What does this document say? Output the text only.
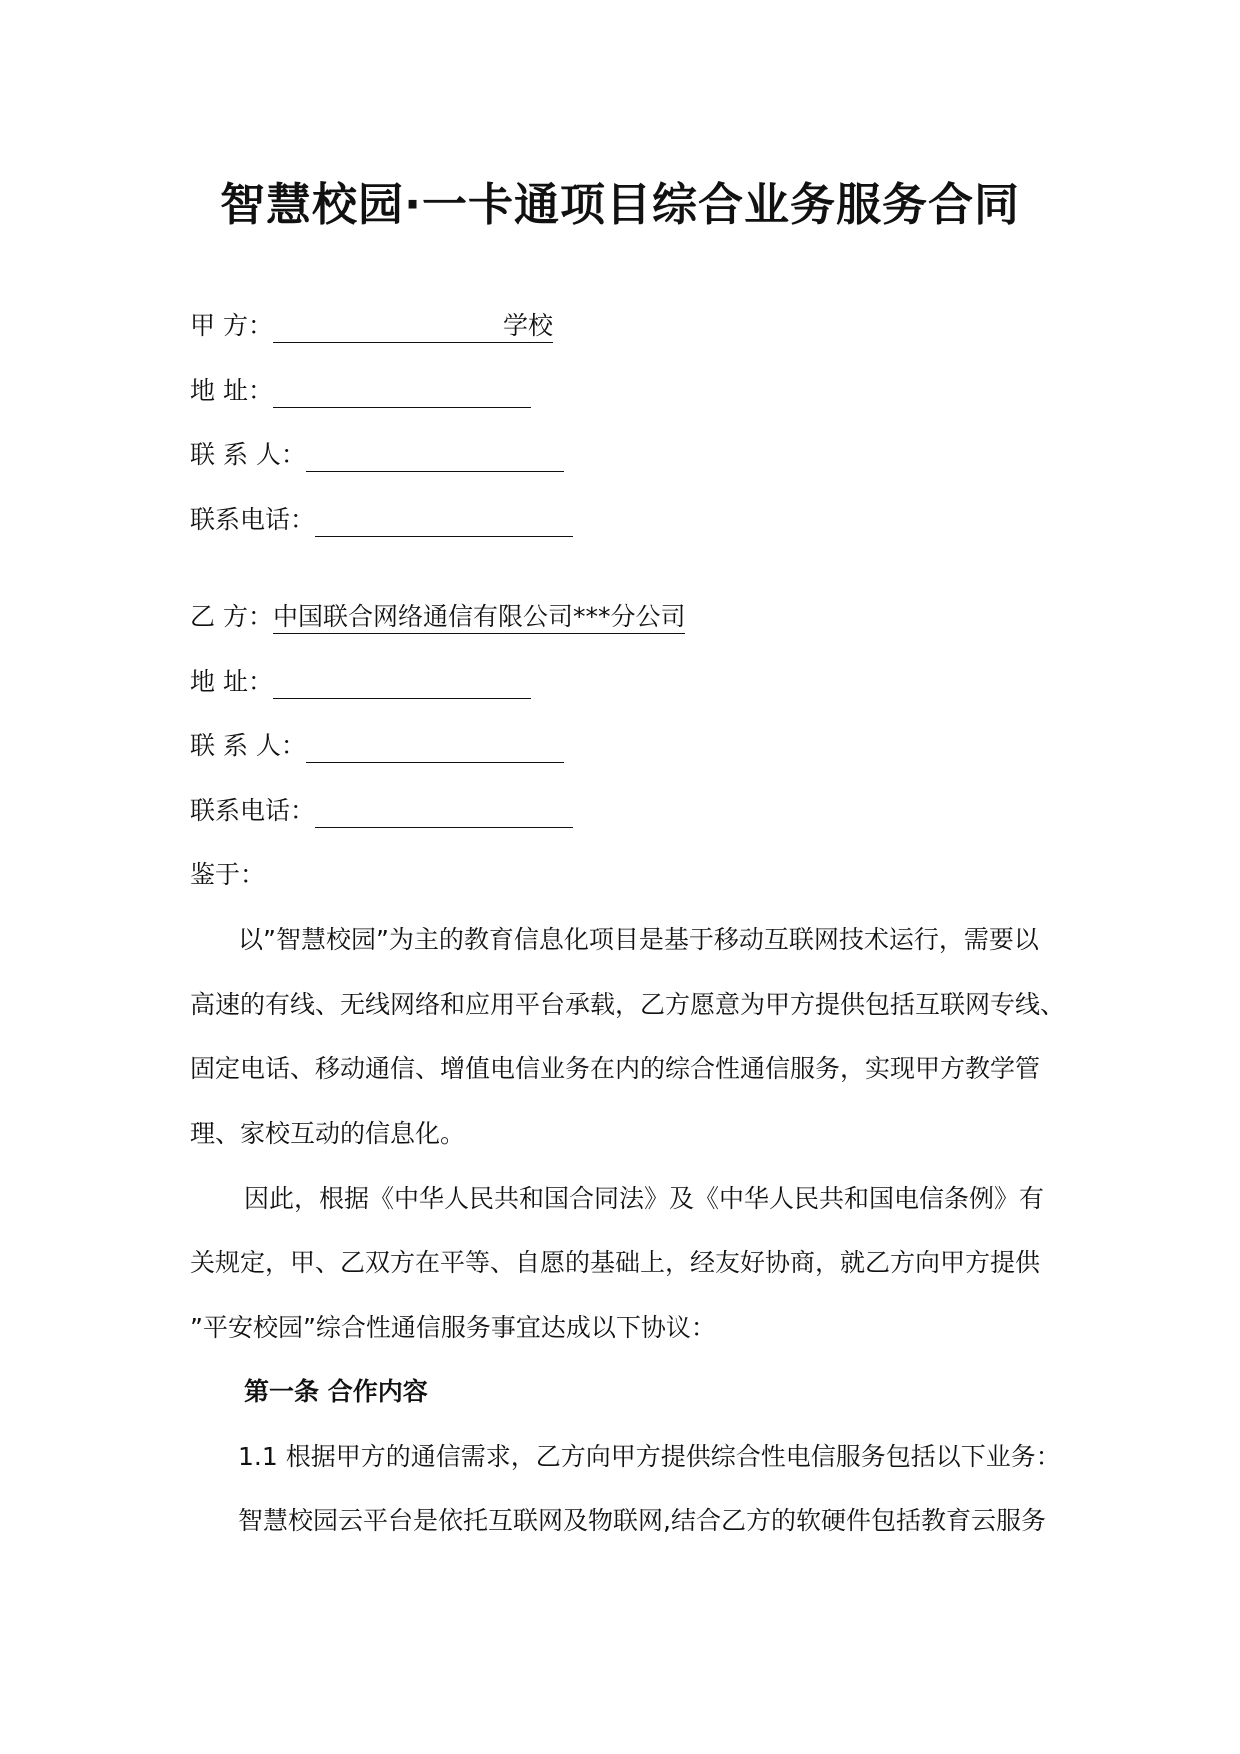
智慧校园·一卡通项目综合业务服务合同
甲 方：	学校
地 址：
联 系 人：
联系电话：
乙 方：中国联合网络通信有限公司***分公司
地 址：
联 系 人：
联系电话：
鉴于：
以”智慧校园”为主的教育信息化项目是基于移动互联网技术运行，需要以
高速的有线、无线网络和应用平台承载，乙方愿意为甲方提供包括互联网专线、
固定电话、移动通信、增值电信业务在内的综合性通信服务，实现甲方教学管
理、家校互动的信息化。
因此，根据《中华人民共和国合同法》及《中华人民共和国电信条例》有
关规定，甲、乙双方在平等、自愿的基础上，经友好协商，就乙方向甲方提供
”平安校园”综合性通信服务事宜达成以下协议：
第一条 合作内容
1.1 根据甲方的通信需求，乙方向甲方提供综合性电信服务包括以下业务：
智慧校园云平台是依托互联网及物联网,结合乙方的软硬件包括教育云服务
